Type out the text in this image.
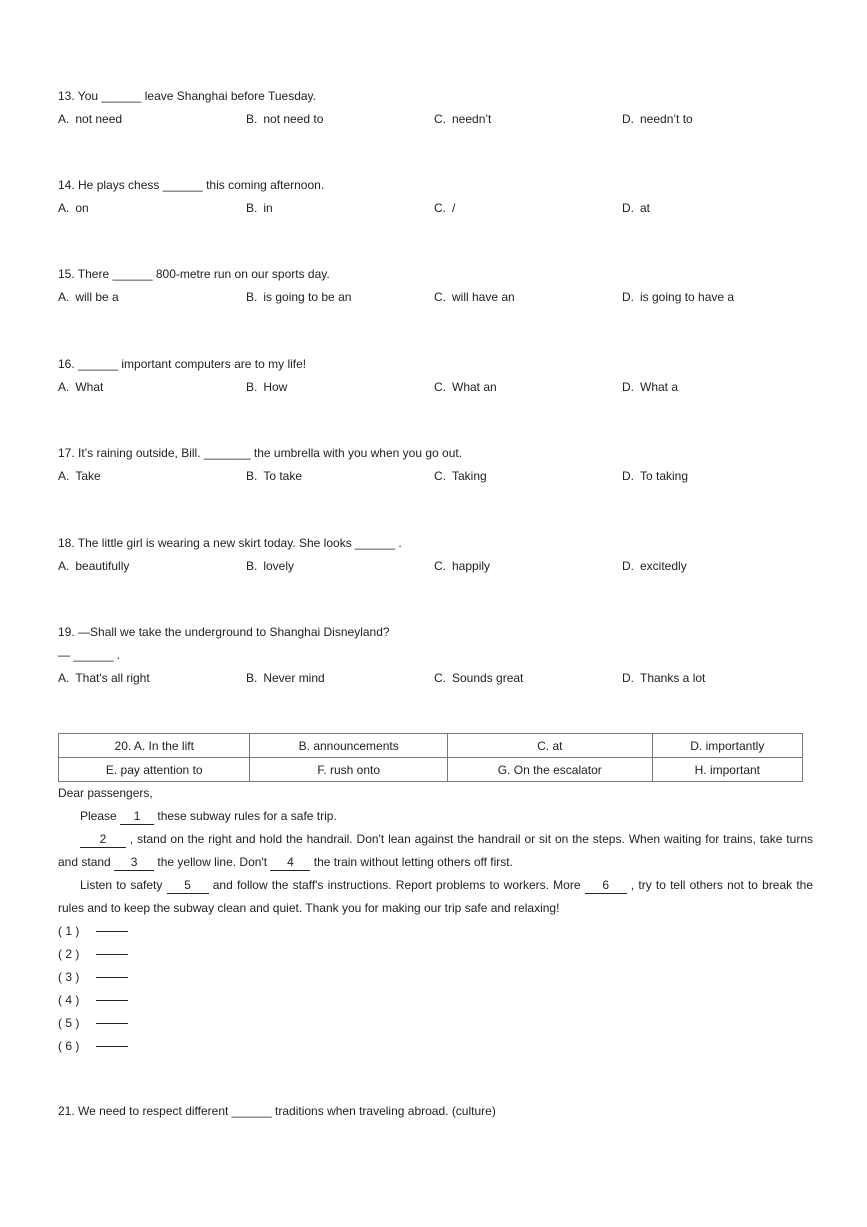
13. You ______ leave Shanghai before Tuesday.
A. not need	B. not need to	C. needn’t	D. needn’t to
14. He plays chess ______ this coming afternoon.
A. on	B. in	C. /	D. at
15. There ______ 800-metre run on our sports day.
A. will be a	B. is going to be an	C. will have an	D. is going to have a
16. ______ important computers are to my life!
A. What	B. How	C. What an	D. What a
17. It’s raining outside, Bill. _______ the umbrella with you when you go out.
A. Take	B. To take	C. Taking	D. To taking
18. The little girl is wearing a new skirt today. She looks ______ .
A. beautifully	B. lovely	C. happily	D. excitedly
19. —Shall we take the underground to Shanghai Disneyland?
— ______ .
A. That's all right	B. Never mind	C. Sounds great	D. Thanks a lot
20. A. In the lift	B. announcements	C. at	D. importantly
E. pay attention to	F. rush onto	G. On the escalator	H. important

Dear passengers,

Please 1 these subway rules for a safe trip.

2 , stand on the right and hold the handrail. Don't lean against the handrail or sit on the steps. When waiting for trains, take turns and stand 3 the yellow line. Don't 4 the train without letting others off first.

Listen to safety 5 and follow the staff's instructions. Report problems to workers. More 6 , try to tell others not to break the rules and to keep the subway clean and quiet. Thank you for making our trip safe and relaxing!

( 1 )
( 2 )
( 3 )
( 4 )
( 5 )
( 6 )
21. We need to respect different ______ traditions when traveling abroad. (culture)
